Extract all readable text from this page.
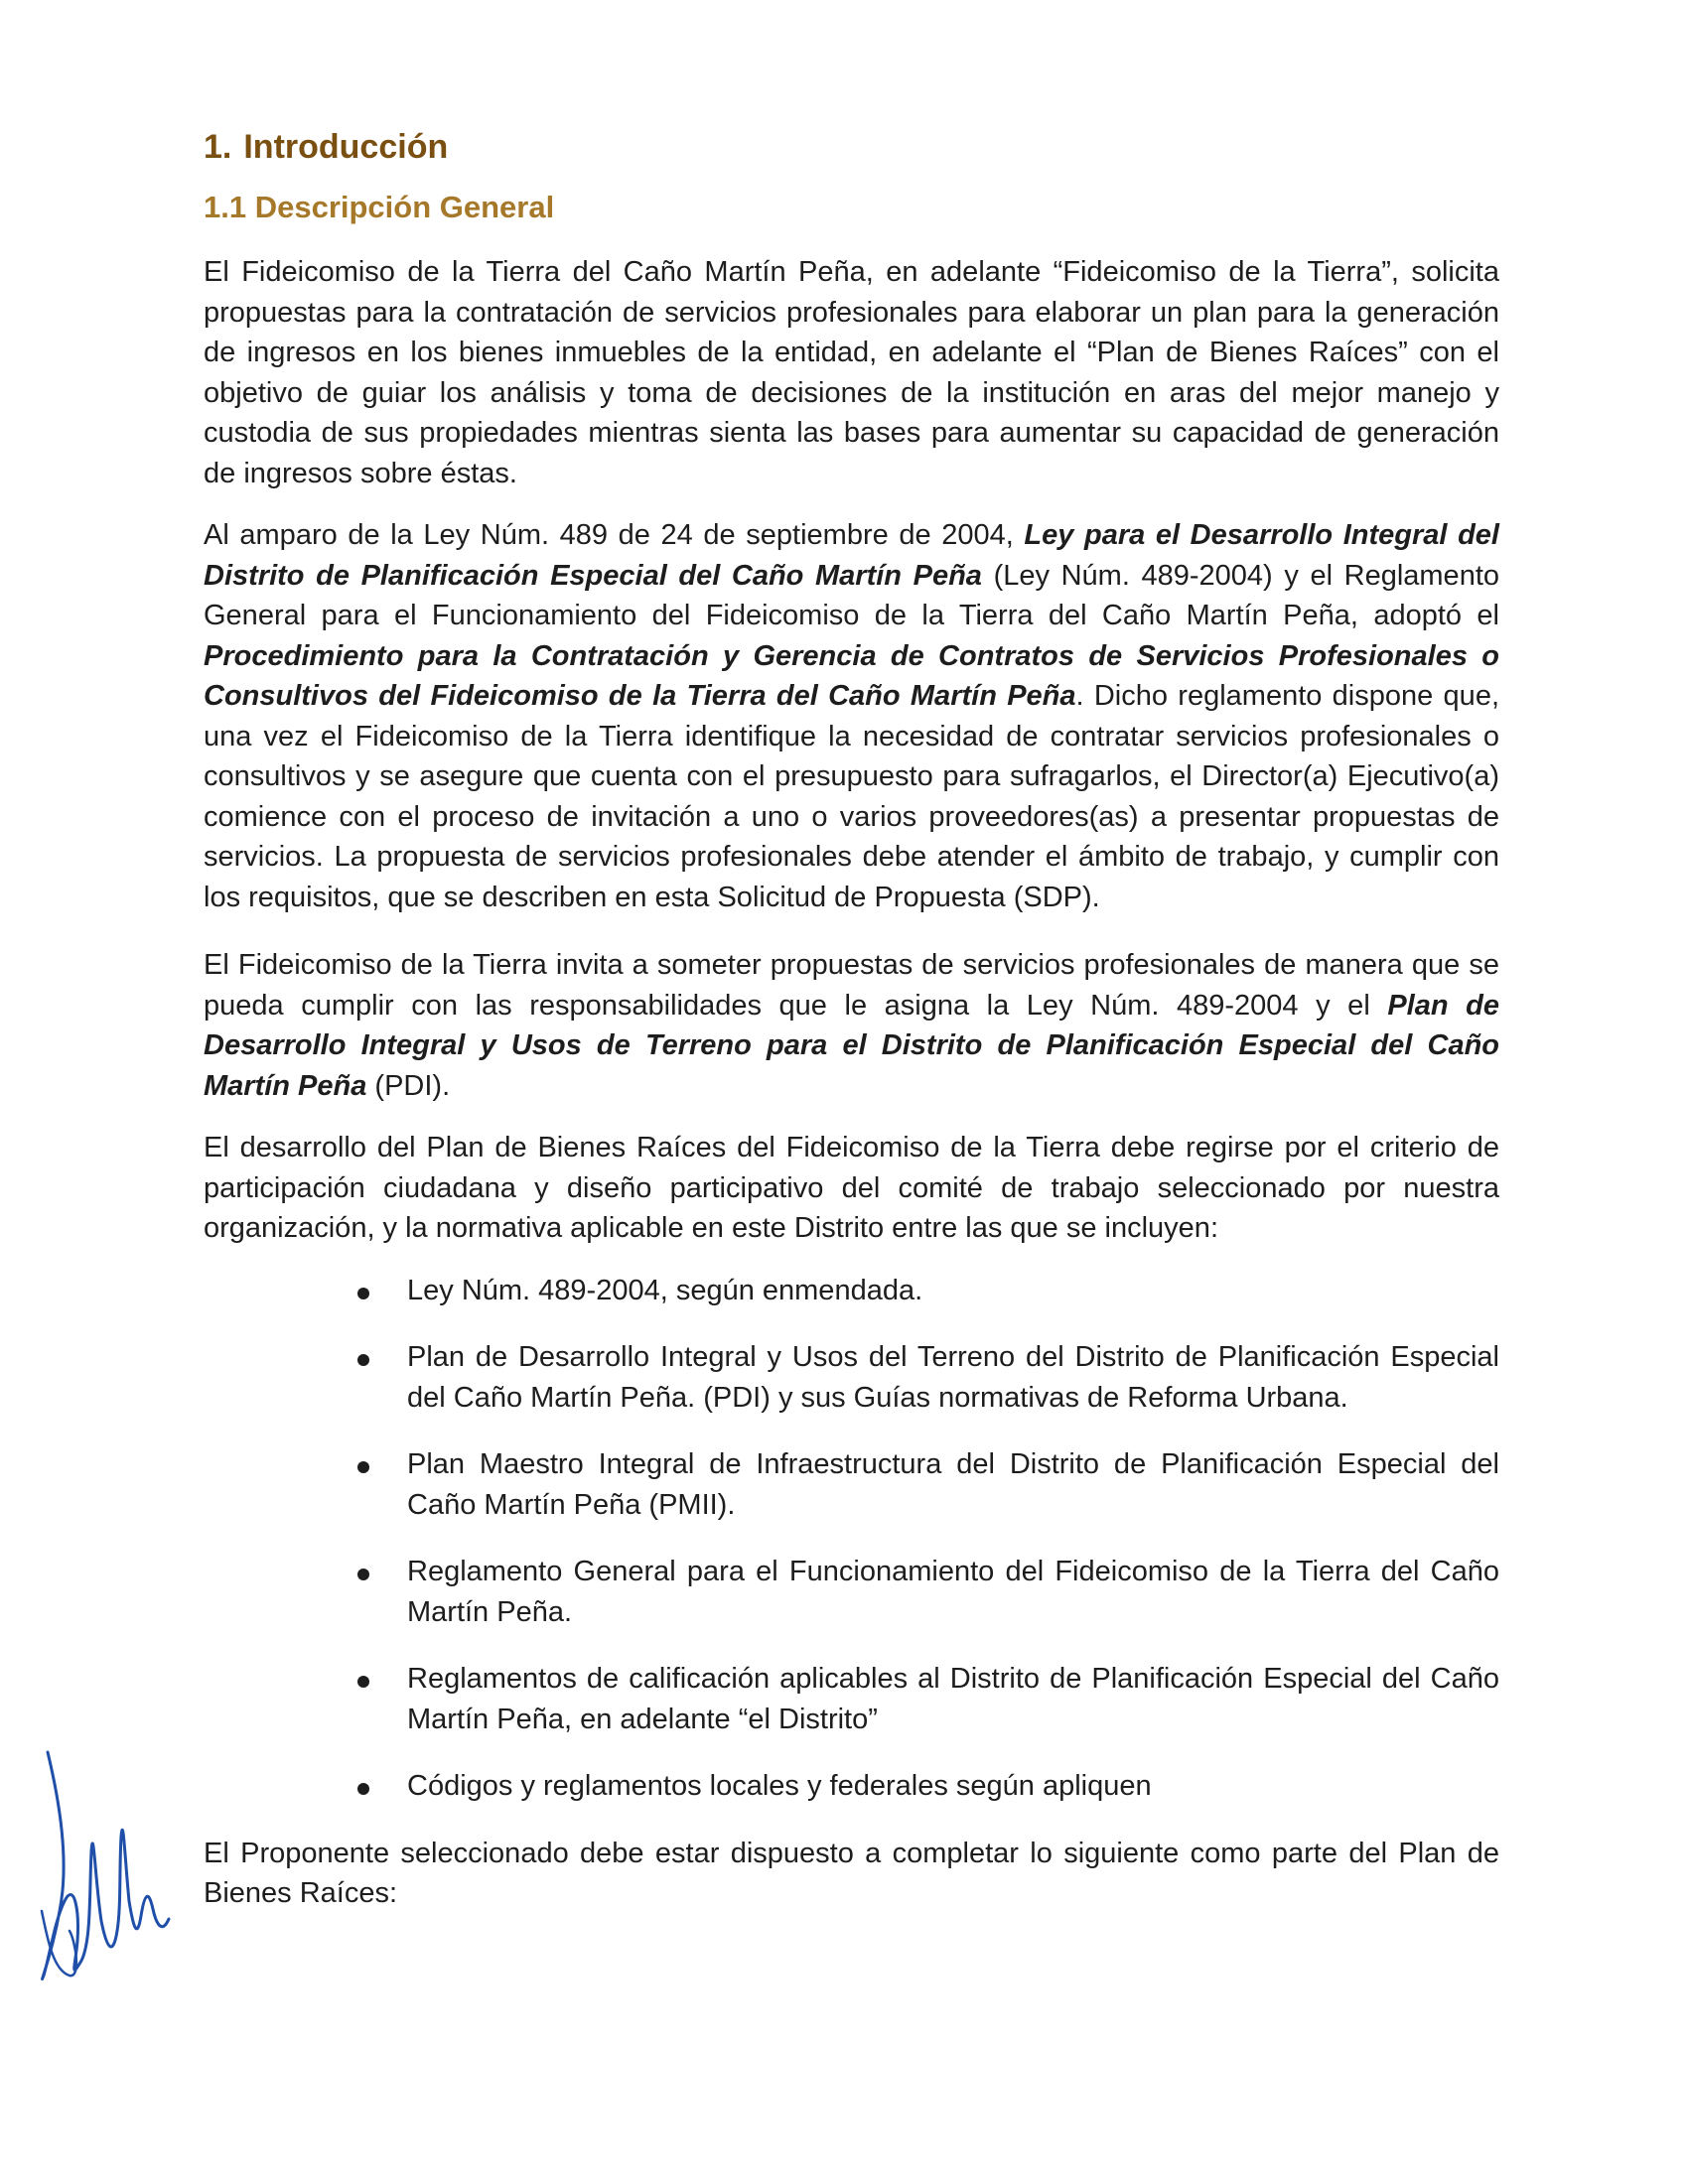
1. Introducción
1.1 Descripción General

El Fideicomiso de la Tierra del Caño Martín Peña, en adelante “Fideicomiso de la Tierra”, solicita propuestas para la contratación de servicios profesionales para elaborar un plan para la generación de ingresos en los bienes inmuebles de la entidad, en adelante el “Plan de Bienes Raíces” con el objetivo de guiar los análisis y toma de decisiones de la institución en aras del mejor manejo y custodia de sus propiedades mientras sienta las bases para aumentar su capacidad de generación de ingresos sobre éstas.

Al amparo de la Ley Núm. 489 de 24 de septiembre de 2004, Ley para el Desarrollo Integral del Distrito de Planificación Especial del Caño Martín Peña (Ley Núm. 489-2004) y el Reglamento General para el Funcionamiento del Fideicomiso de la Tierra del Caño Martín Peña, adoptó el Procedimiento para la Contratación y Gerencia de Contratos de Servicios Profesionales o Consultivos del Fideicomiso de la Tierra del Caño Martín Peña. Dicho reglamento dispone que, una vez el Fideicomiso de la Tierra identifique la necesidad de contratar servicios profesionales o consultivos y se asegure que cuenta con el presupuesto para sufragarlos, el Director(a) Ejecutivo(a) comience con el proceso de invitación a uno o varios proveedores(as) a presentar propuestas de servicios. La propuesta de servicios profesionales debe atender el ámbito de trabajo, y cumplir con los requisitos, que se describen en esta Solicitud de Propuesta (SDP).

El Fideicomiso de la Tierra invita a someter propuestas de servicios profesionales de manera que se pueda cumplir con las responsabilidades que le asigna la Ley Núm. 489-2004 y el Plan de Desarrollo Integral y Usos de Terreno para el Distrito de Planificación Especial del Caño Martín Peña (PDI).

El desarrollo del Plan de Bienes Raíces del Fideicomiso de la Tierra debe regirse por el criterio de participación ciudadana y diseño participativo del comité de trabajo seleccionado por nuestra organización, y la normativa aplicable en este Distrito entre las que se incluyen:

Ley Núm. 489-2004, según enmendada.
Plan de Desarrollo Integral y Usos del Terreno del Distrito de Planificación Especial del Caño Martín Peña. (PDI) y sus Guías normativas de Reforma Urbana.
Plan Maestro Integral de Infraestructura del Distrito de Planificación Especial del Caño Martín Peña (PMII).
Reglamento General para el Funcionamiento del Fideicomiso de la Tierra del Caño Martín Peña.
Reglamentos de calificación aplicables al Distrito de Planificación Especial del Caño Martín Peña, en adelante “el Distrito”
Códigos y reglamentos locales y federales según apliquen

El Proponente seleccionado debe estar dispuesto a completar lo siguiente como parte del Plan de Bienes Raíces:
